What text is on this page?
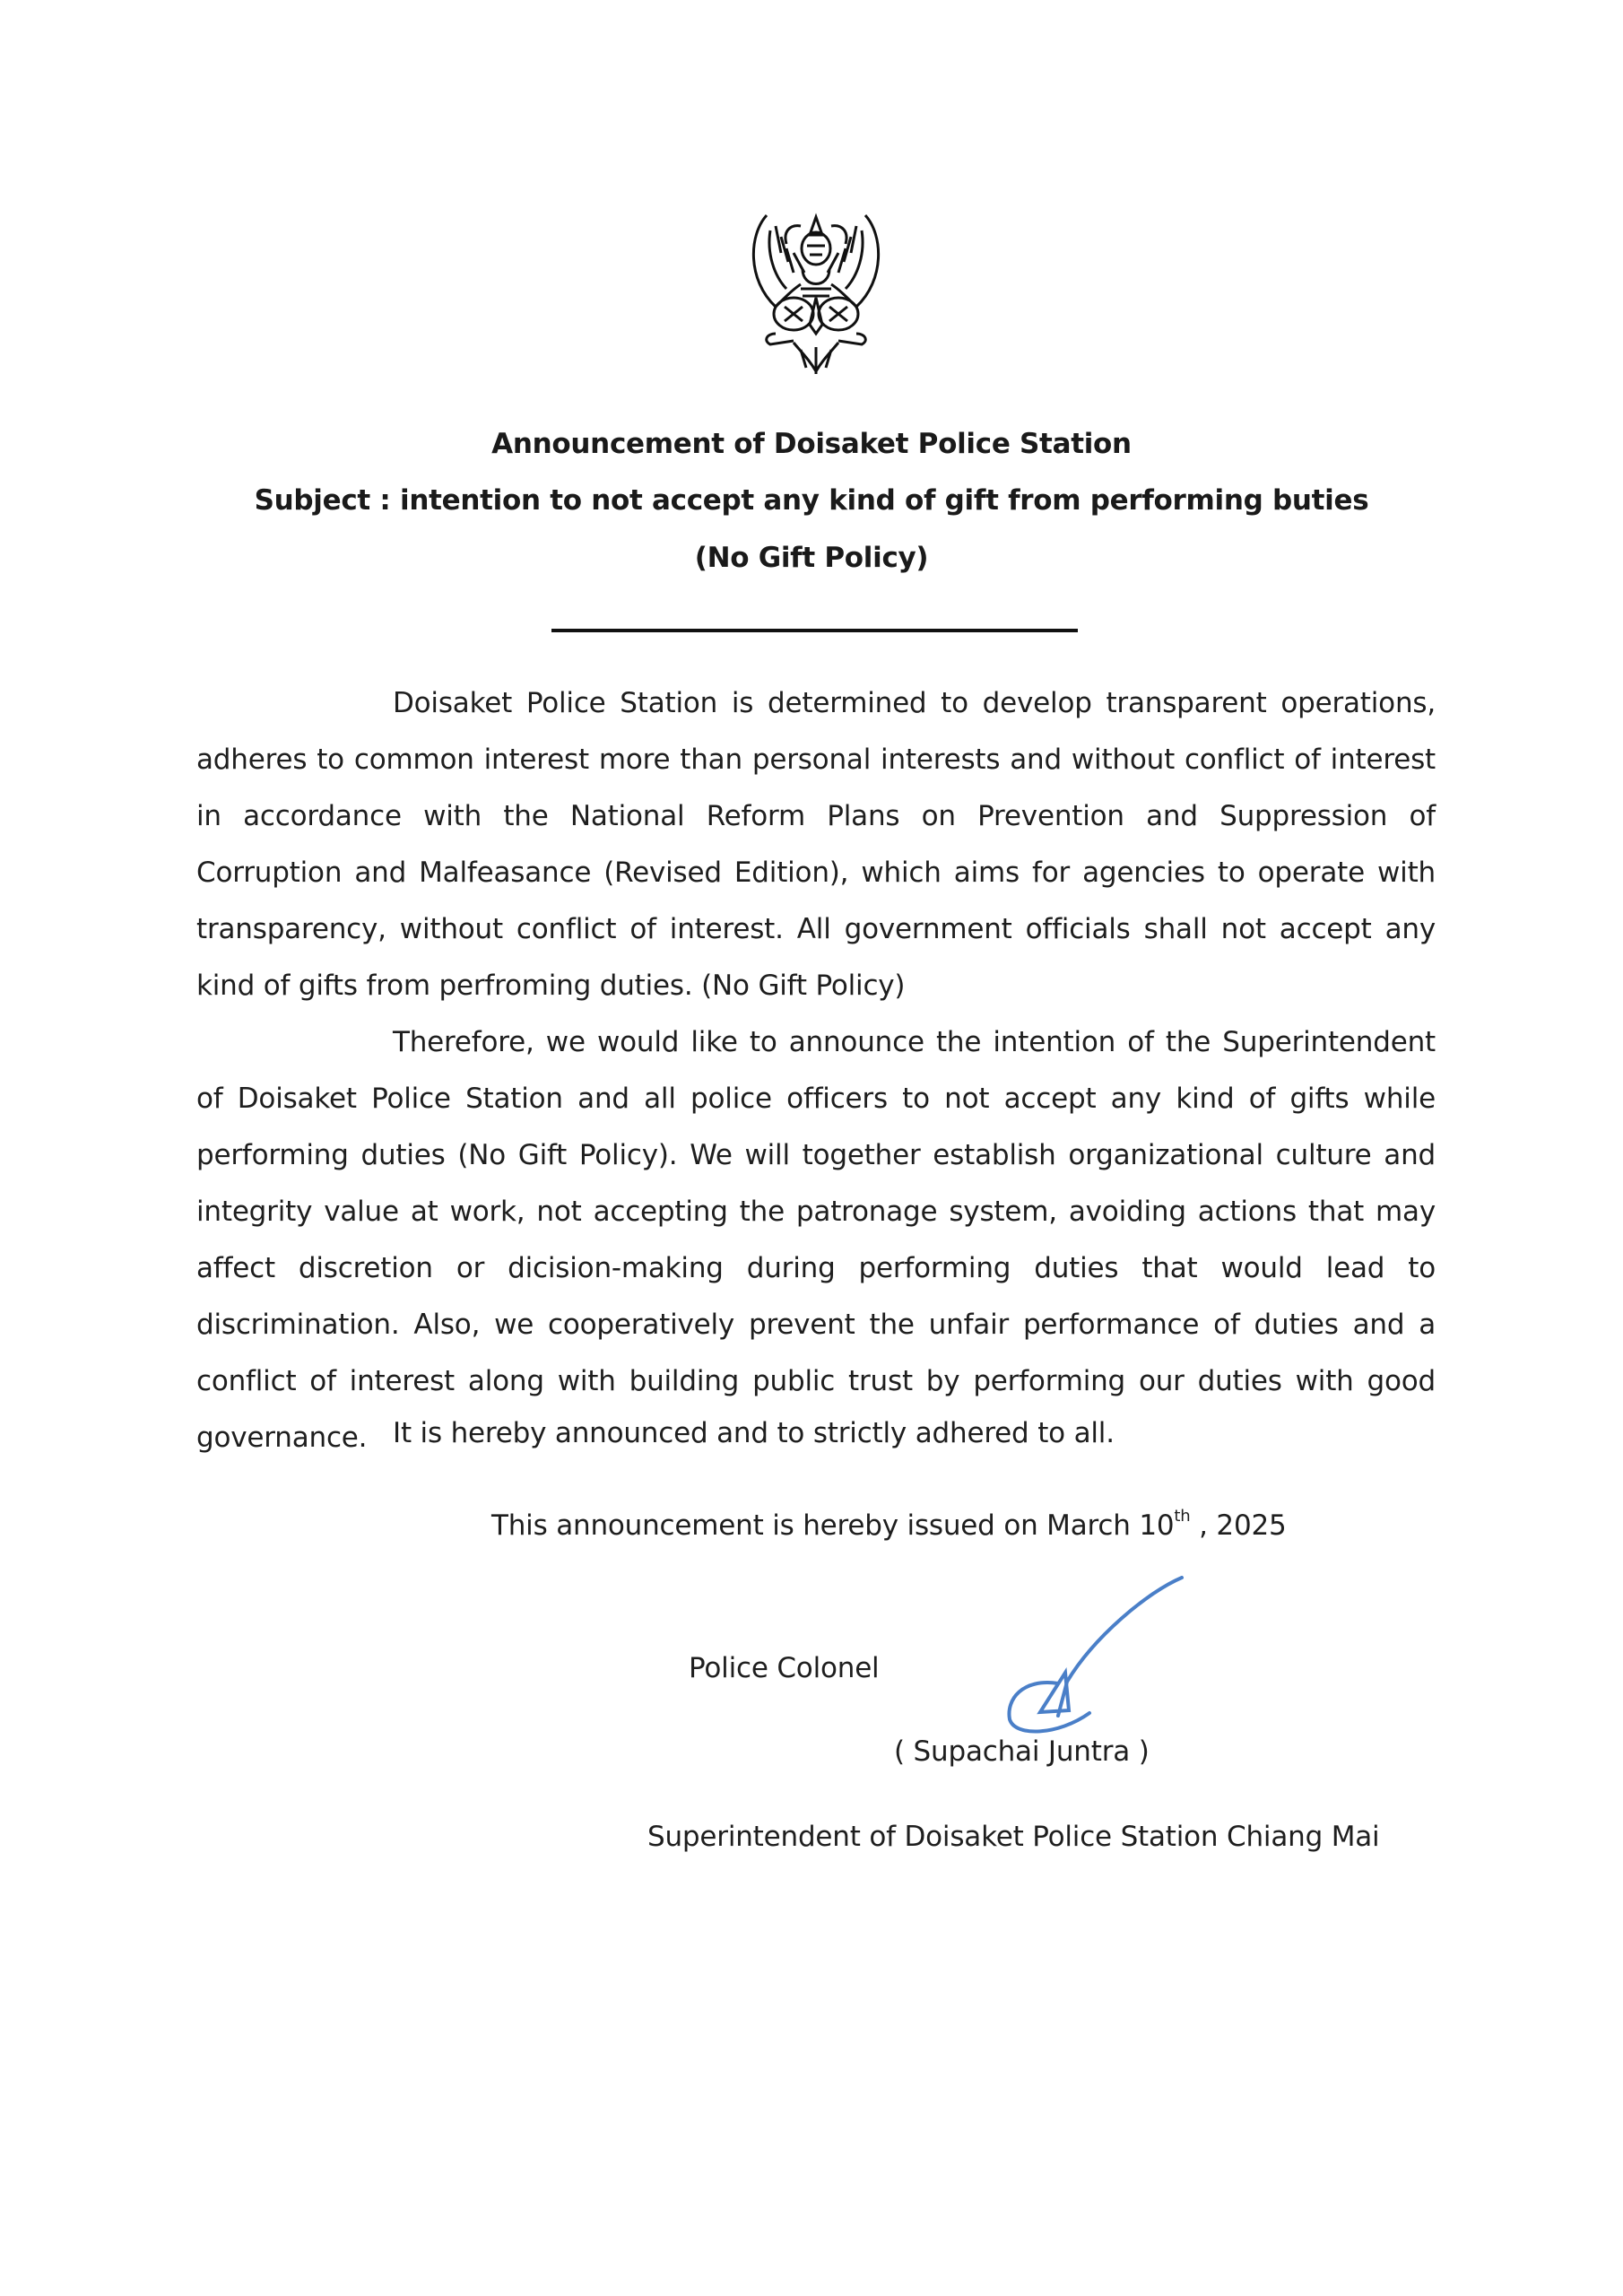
Announcement of Doisaket Police Station
Subject : intention to not accept any kind of gift from performing buties
(No Gift Policy)

Doisaket Police Station is determined to develop transparent operations, adheres to common interest more than personal interests and without conflict of interest in accordance with the National Reform Plans on Prevention and Suppression of Corruption and Malfeasance (Revised Edition), which aims for agencies to operate with transparency, without conflict of interest. All government officials shall not accept any kind of gifts from perfroming duties. (No Gift Policy)

Therefore, we would like to announce the intention of the Superintendent of Doisaket Police Station and all police officers to not accept any kind of gifts while performing duties (No Gift Policy). We will together establish organizational culture and integrity value at work, not accepting the patronage system, avoiding actions that may affect discretion or dicision-making during performing duties that would lead to discrimination. Also, we cooperatively prevent the unfair performance of duties and a conflict of interest along with building public trust by performing our duties with good governance. It is hereby announced and to strictly adhered to all.
This announcement is hereby issued on March 10th , 2025
Police Colonel
( Supachai Juntra )
Superintendent of Doisaket Police Station Chiang Mai
